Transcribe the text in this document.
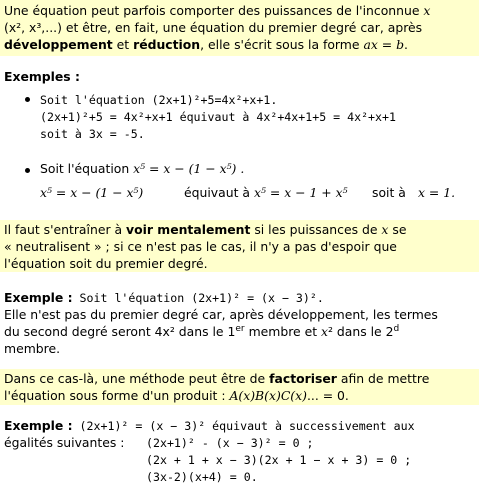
Une équation peut parfois comporter des puissances de l'inconnue x
(x², x³,...) et être, en fait, une équation du premier degré car, après
développement et réduction, elle s'écrit sous la forme ax = b.
Exemples :
Soit l'équation (2x+1)²+5=4x²+x+1.
(2x+1)²+5 = 4x²+x+1 équivaut à 4x²+4x+1+5 = 4x²+x+1
soit à 3x = -5.
Soit l'équation x⁵ = x − (1 − x⁵) .
x⁵ = x − (1 − x⁵)	équivaut à x⁵ = x − 1 + x⁵ soit à x = 1.
Il faut s'entraîner à voir mentalement si les puissances de x se
« neutralisent » ; si ce n'est pas le cas, il n'y a pas d'espoir que
l'équation soit du premier degré.
Exemple : Soit l'équation (2x+1)² = (x − 3)².
Elle n'est pas du premier degré car, après développement, les termes
du second degré seront 4x² dans le 1er membre et x² dans le 2$^d$
membre.
Dans ce cas-là, une méthode peut être de factoriser afin de mettre
l'équation sous forme d'un produit : A(x)B(x)C(x)... = 0.
Exemple : (2x+1)² = (x − 3)² équivaut à successivement aux
égalités suivantes : (2x+1)² - (x − 3)² = 0 ;
(2x + 1 + x − 3)(2x + 1 − x + 3) = 0 ;
(3x-2)(x+4) = 0.
